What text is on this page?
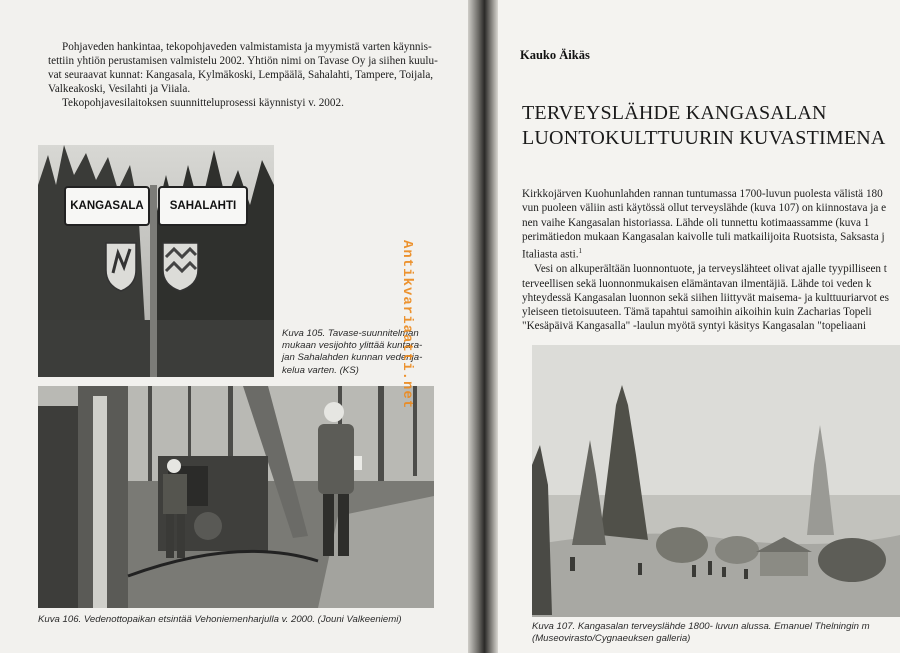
Pohjaveden hankintaa, tekopohjaveden valmistamista ja myymistä varten käynnis-

tettiin yhtiön perustamisen valmistelu 2002. Yhtiön nimi on Tavase Oy ja siihen kuulu-

vat seuraavat kunnat: Kangasala, Kylmäkoski, Lempäälä, Sahalahti, Tampere, Toijala,

Valkeakoski, Vesilahti ja Viiala.

Tekopohjavesilaitoksen suunnitteluprosessi käynnistyi v. 2002.

KANGASALA	SAHALAHTI

Kuva 105. Tavase-suunnitelman

mukaan vesijohto ylittää kuntara-

jan Sahalahden kunnan vedenja-

kelua varten. (KS)

Kuva 106. Vedenottopaikan etsintää Vehoniemenharjulla v. 2000. (Jouni Valkeeniemi)

Kauko Äikäs

TERVEYSLÄHDE KANGASALAN
LUONTOKULTTUURIN KUVASTIMENA

Kirkkojärven Kuohunlahden rannan tuntumassa 1700-luvun puolesta välistä 180

vun puoleen väliin asti käytössä ollut terveyslähde (kuva 107) on kiinnostava ja e

nen vaihe Kangasalan historiassa. Lähde oli tunnettu kotimaassamme (kuva 1

perimätiedon mukaan Kangasalan kaivolle tuli matkailijoita Ruotsista, Saksasta j

Italiasta asti.$^1$

Vesi on alkuperältään luonnontuote, ja terveyslähteet olivat ajalle tyypilliseen t

terveellisen sekä luonnonmukaisen elämäntavan ilmentäjiä. Lähde toi veden k

yhteydessä Kangasalan luonnon sekä siihen liittyvät maisema- ja kulttuuriarvot es

yleiseen tietoisuuteen. Tämä tapahtui samoihin aikoihin kuin Zacharias Topeli

"Kesäpäivä Kangasalla" -laulun myötä syntyi käsitys Kangasalan "topeliaani

Kuva 107. Kangasalan terveyslähde 1800- luvun alussa. Emanuel Thelningin m

(Museovirasto/Cygnaeuksen galleria)

Antikvariaatti.net
